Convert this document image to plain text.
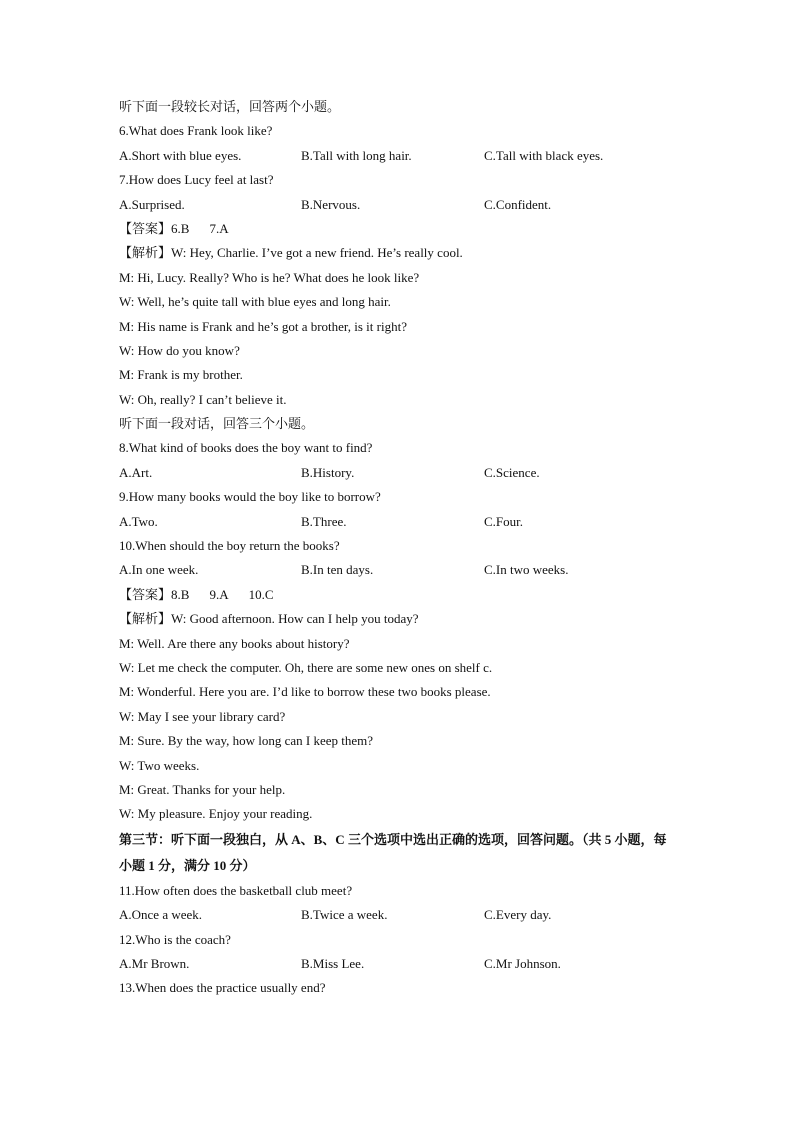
听下面一段较长对话，回答两个小题。
6.What does Frank look like?
A.Short with blue eyes.	B.Tall with long hair.	C.Tall with black eyes.
7.How does Lucy feel at last?
A.Surprised.	B.Nervous.	C.Confident.
【答案】6.B 7.A
【解析】W: Hey, Charlie. I’ve got a new friend. He’s really cool.
M: Hi, Lucy. Really? Who is he? What does he look like?
W: Well, he’s quite tall with blue eyes and long hair.
M: His name is Frank and he’s got a brother, is it right?
W: How do you know?
M: Frank is my brother.
W: Oh, really? I can’t believe it.
听下面一段对话，回答三个小题。
8.What kind of books does the boy want to find?
A.Art.	B.History.	C.Science.
9.How many books would the boy like to borrow?
A.Two.	B.Three.	C.Four.
10.When should the boy return the books?
A.In one week.	B.In ten days.	C.In two weeks.
【答案】8.B 9.A 10.C
【解析】W: Good afternoon. How can I help you today?
M: Well. Are there any books about history?
W: Let me check the computer. Oh, there are some new ones on shelf c.
M: Wonderful. Here you are. I’d like to borrow these two books please.
W: May I see your library card?
M: Sure. By the way, how long can I keep them?
W: Two weeks.
M: Great. Thanks for your help.
W: My pleasure. Enjoy your reading.
第三节：听下面一段独白，从 A、B、C 三个选项中选出正确的选项，回答问题。（共 5 小题，每小题 1 分，满分 10 分）
11.How often does the basketball club meet?
A.Once a week.	B.Twice a week.	C.Every day.
12.Who is the coach?
A.Mr Brown.	B.Miss Lee.	C.Mr Johnson.
13.When does the practice usually end?
